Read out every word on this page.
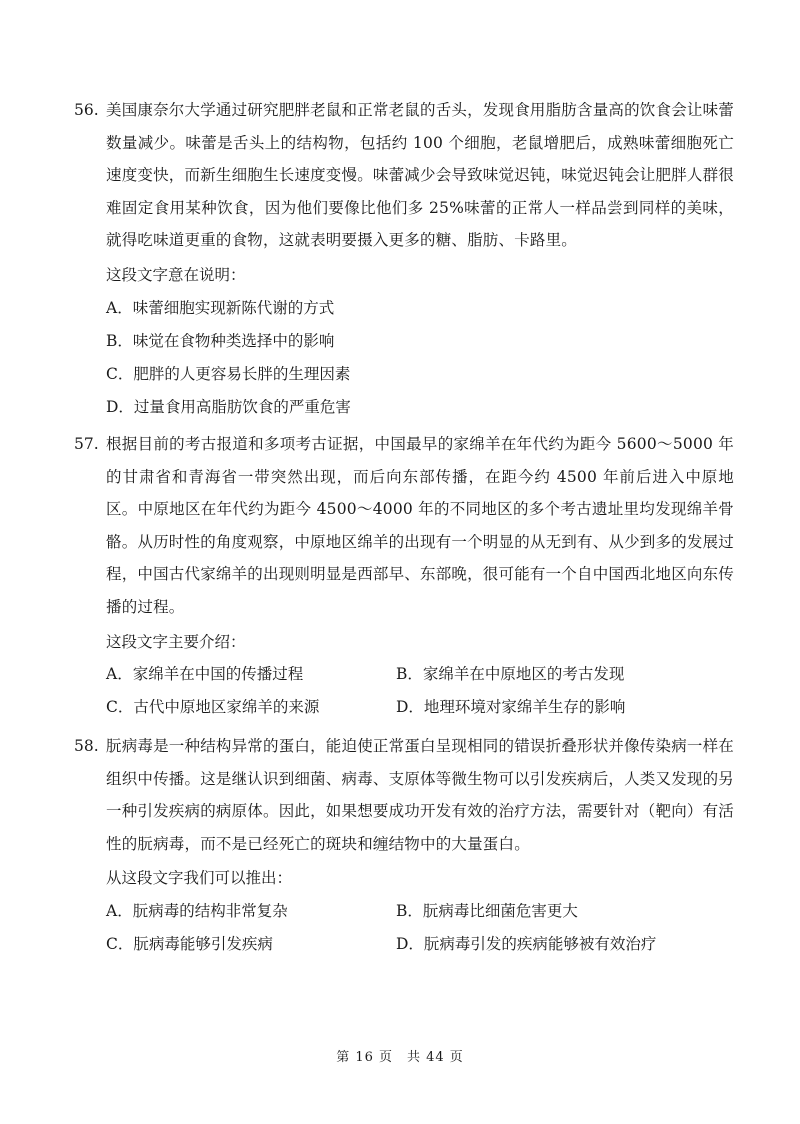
56. 美国康奈尔大学通过研究肥胖老鼠和正常老鼠的舌头，发现食用脂肪含量高的饮食会让味蕾数量减少。味蕾是舌头上的结构物，包括约 100 个细胞，老鼠增肥后，成熟味蕾细胞死亡速度变快，而新生细胞生长速度变慢。味蕾减少会导致味觉迟钝，味觉迟钝会让肥胖人群很难固定食用某种饮食，因为他们要像比他们多 25%味蕾的正常人一样品尝到同样的美味，就得吃味道更重的食物，这就表明要摄入更多的糖、脂肪、卡路里。

这段文字意在说明：
A．味蕾细胞实现新陈代谢的方式
B．味觉在食物种类选择中的影响
C．肥胖的人更容易长胖的生理因素
D．过量食用高脂肪饮食的严重危害
57. 根据目前的考古报道和多项考古证据，中国最早的家绵羊在年代约为距今 5600～5000 年的甘肃省和青海省一带突然出现，而后向东部传播，在距今约 4500 年前后进入中原地区。中原地区在年代约为距今 4500～4000 年的不同地区的多个考古遗址里均发现绵羊骨骼。从历时性的角度观察，中原地区绵羊的出现有一个明显的从无到有、从少到多的发展过程，中国古代家绵羊的出现则明显是西部早、东部晚，很可能有一个自中国西北地区向东传播的过程。

这段文字主要介绍：
A．家绵羊在中国的传播过程	B．家绵羊在中原地区的考古发现
C．古代中原地区家绵羊的来源	D．地理环境对家绵羊生存的影响
58. 朊病毒是一种结构异常的蛋白，能迫使正常蛋白呈现相同的错误折叠形状并像传染病一样在组织中传播。这是继认识到细菌、病毒、支原体等微生物可以引发疾病后，人类又发现的另一种引发疾病的病原体。因此，如果想要成功开发有效的治疗方法，需要针对（靶向）有活性的朊病毒，而不是已经死亡的斑块和缠结物中的大量蛋白。

从这段文字我们可以推出：
A．朊病毒的结构非常复杂	B．朊病毒比细菌危害更大
C．朊病毒能够引发疾病	D．朊病毒引发的疾病能够被有效治疗
第 16 页　共 44 页
